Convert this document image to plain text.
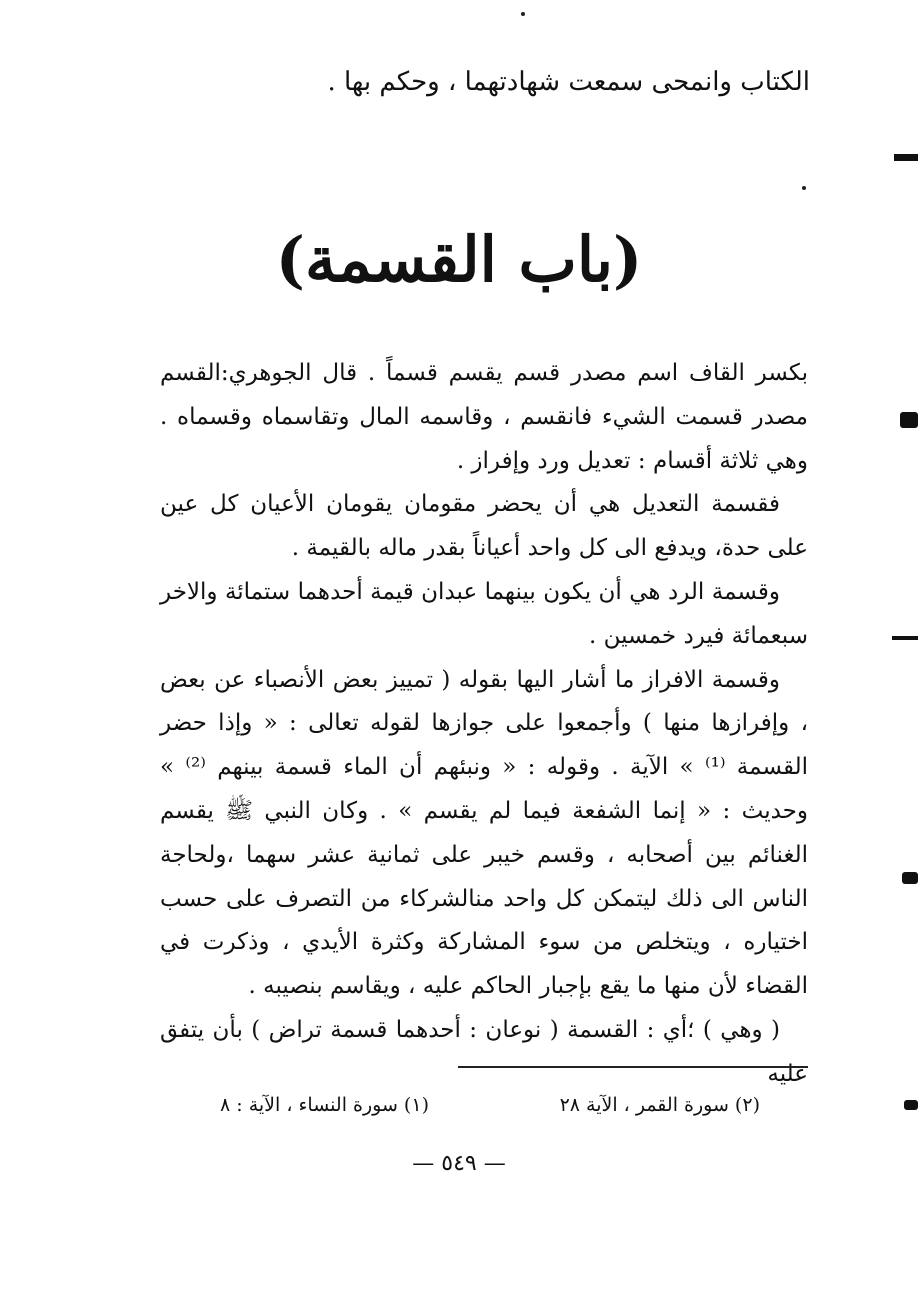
الكتاب وانمحى سمعت شهادتهما ، وحكم بها .
(باب القسمة)

بكسر القاف اسم مصدر قسم يقسم قسماً . قال الجوهري:القسم مصدر قسمت الشيء فانقسم ، وقاسمه المال وتقاسماه وقسماه . وهي ثلاثة أقسام : تعديل ورد وإفراز .

فقسمة التعديل هي أن يحضر مقومان يقومان الأعيان كل عين على حدة، ويدفع الى كل واحد أعياناً بقدر ماله بالقيمة .

وقسمة الرد هي أن يكون بينهما عبدان قيمة أحدهما ستمائة والاخر سبعمائة فيرد خمسين .

وقسمة الافراز ما أشار اليها بقوله ( تمييز بعض الأنصباء عن بعض ، وإفرازها منها ) وأجمعوا على جوازها لقوله تعالى : « وإذا حضر القسمة ⁽¹⁾ » الآية . وقوله : « ونبئهم أن الماء قسمة بينهم ⁽²⁾ » وحديث : « إنما الشفعة فيما لم يقسم » . وكان النبي ﷺ يقسم الغنائم بين أصحابه ، وقسم خيبر على ثمانية عشر سهما ،ولحاجة الناس الى ذلك ليتمكن كل واحد منالشركاء من التصرف على حسب اختياره ، ويتخلص من سوء المشاركة وكثرة الأيدي ، وذكرت في القضاء لأن منها ما يقع بإجبار الحاكم عليه ، ويقاسم بنصيبه .

( وهي ) ؛أي : القسمة ( نوعان : أحدهما قسمة تراض ) بأن يتفق عليه

(١) سورة النساء ، الآية : ٨	(٢) سورة القمر ، الآية ٢٨
— ٥٤٩ —
